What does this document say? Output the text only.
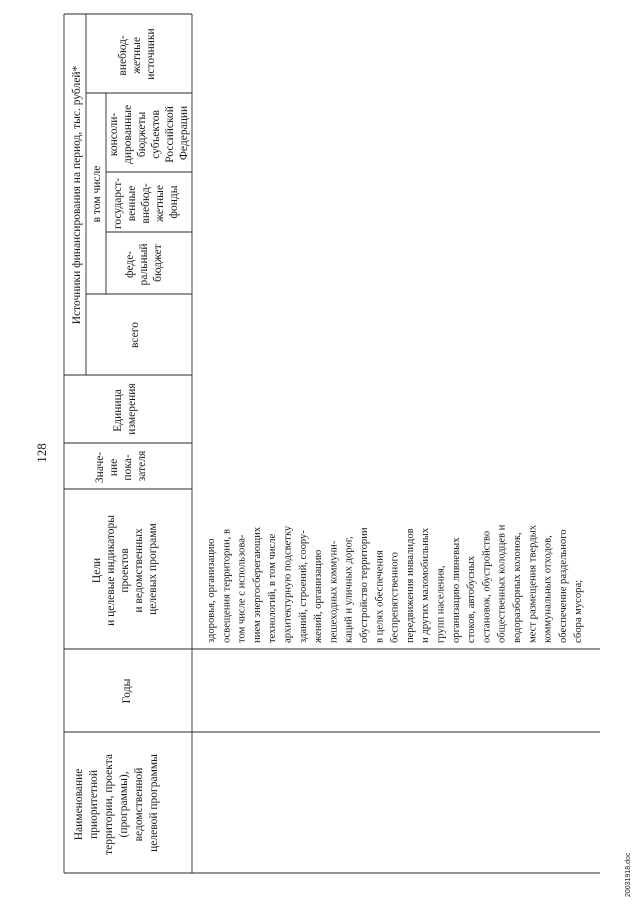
128
20031918.doc
Наименование приоритетной территории, проекта (программы), ведомственной целевой программы
Годы
Цели и целевые индикаторы проектов и ведомственных целевых программ
Значе- ние пока- зателя
Единица измерения
Источники финансирования на период, тыс. рублей*
всего
в том числе
феде- ральный бюджет
государст- венные внебюд- жетные фонды
консоли- дированные бюджеты субъектов Российской Федерации
внебюд- жетные источники
здоровья, организацию освещения территории, в том числе с использова- нием энергосберегающих технологий, в том числе архитектурную подсветку зданий, строений, соору- жений, организацию пешеходных коммуни- каций и уличных дорог, обустройство территории в целях обеспечения беспрепятственного передвижения инвалидов и других маломобильных групп населения, организацию ливневых стоков, автобусных остановок, обустройство общественных колодцев и водоразборных колонок, мест размещения твердых коммунальных отходов, обеспечение раздельного сбора мусора;
